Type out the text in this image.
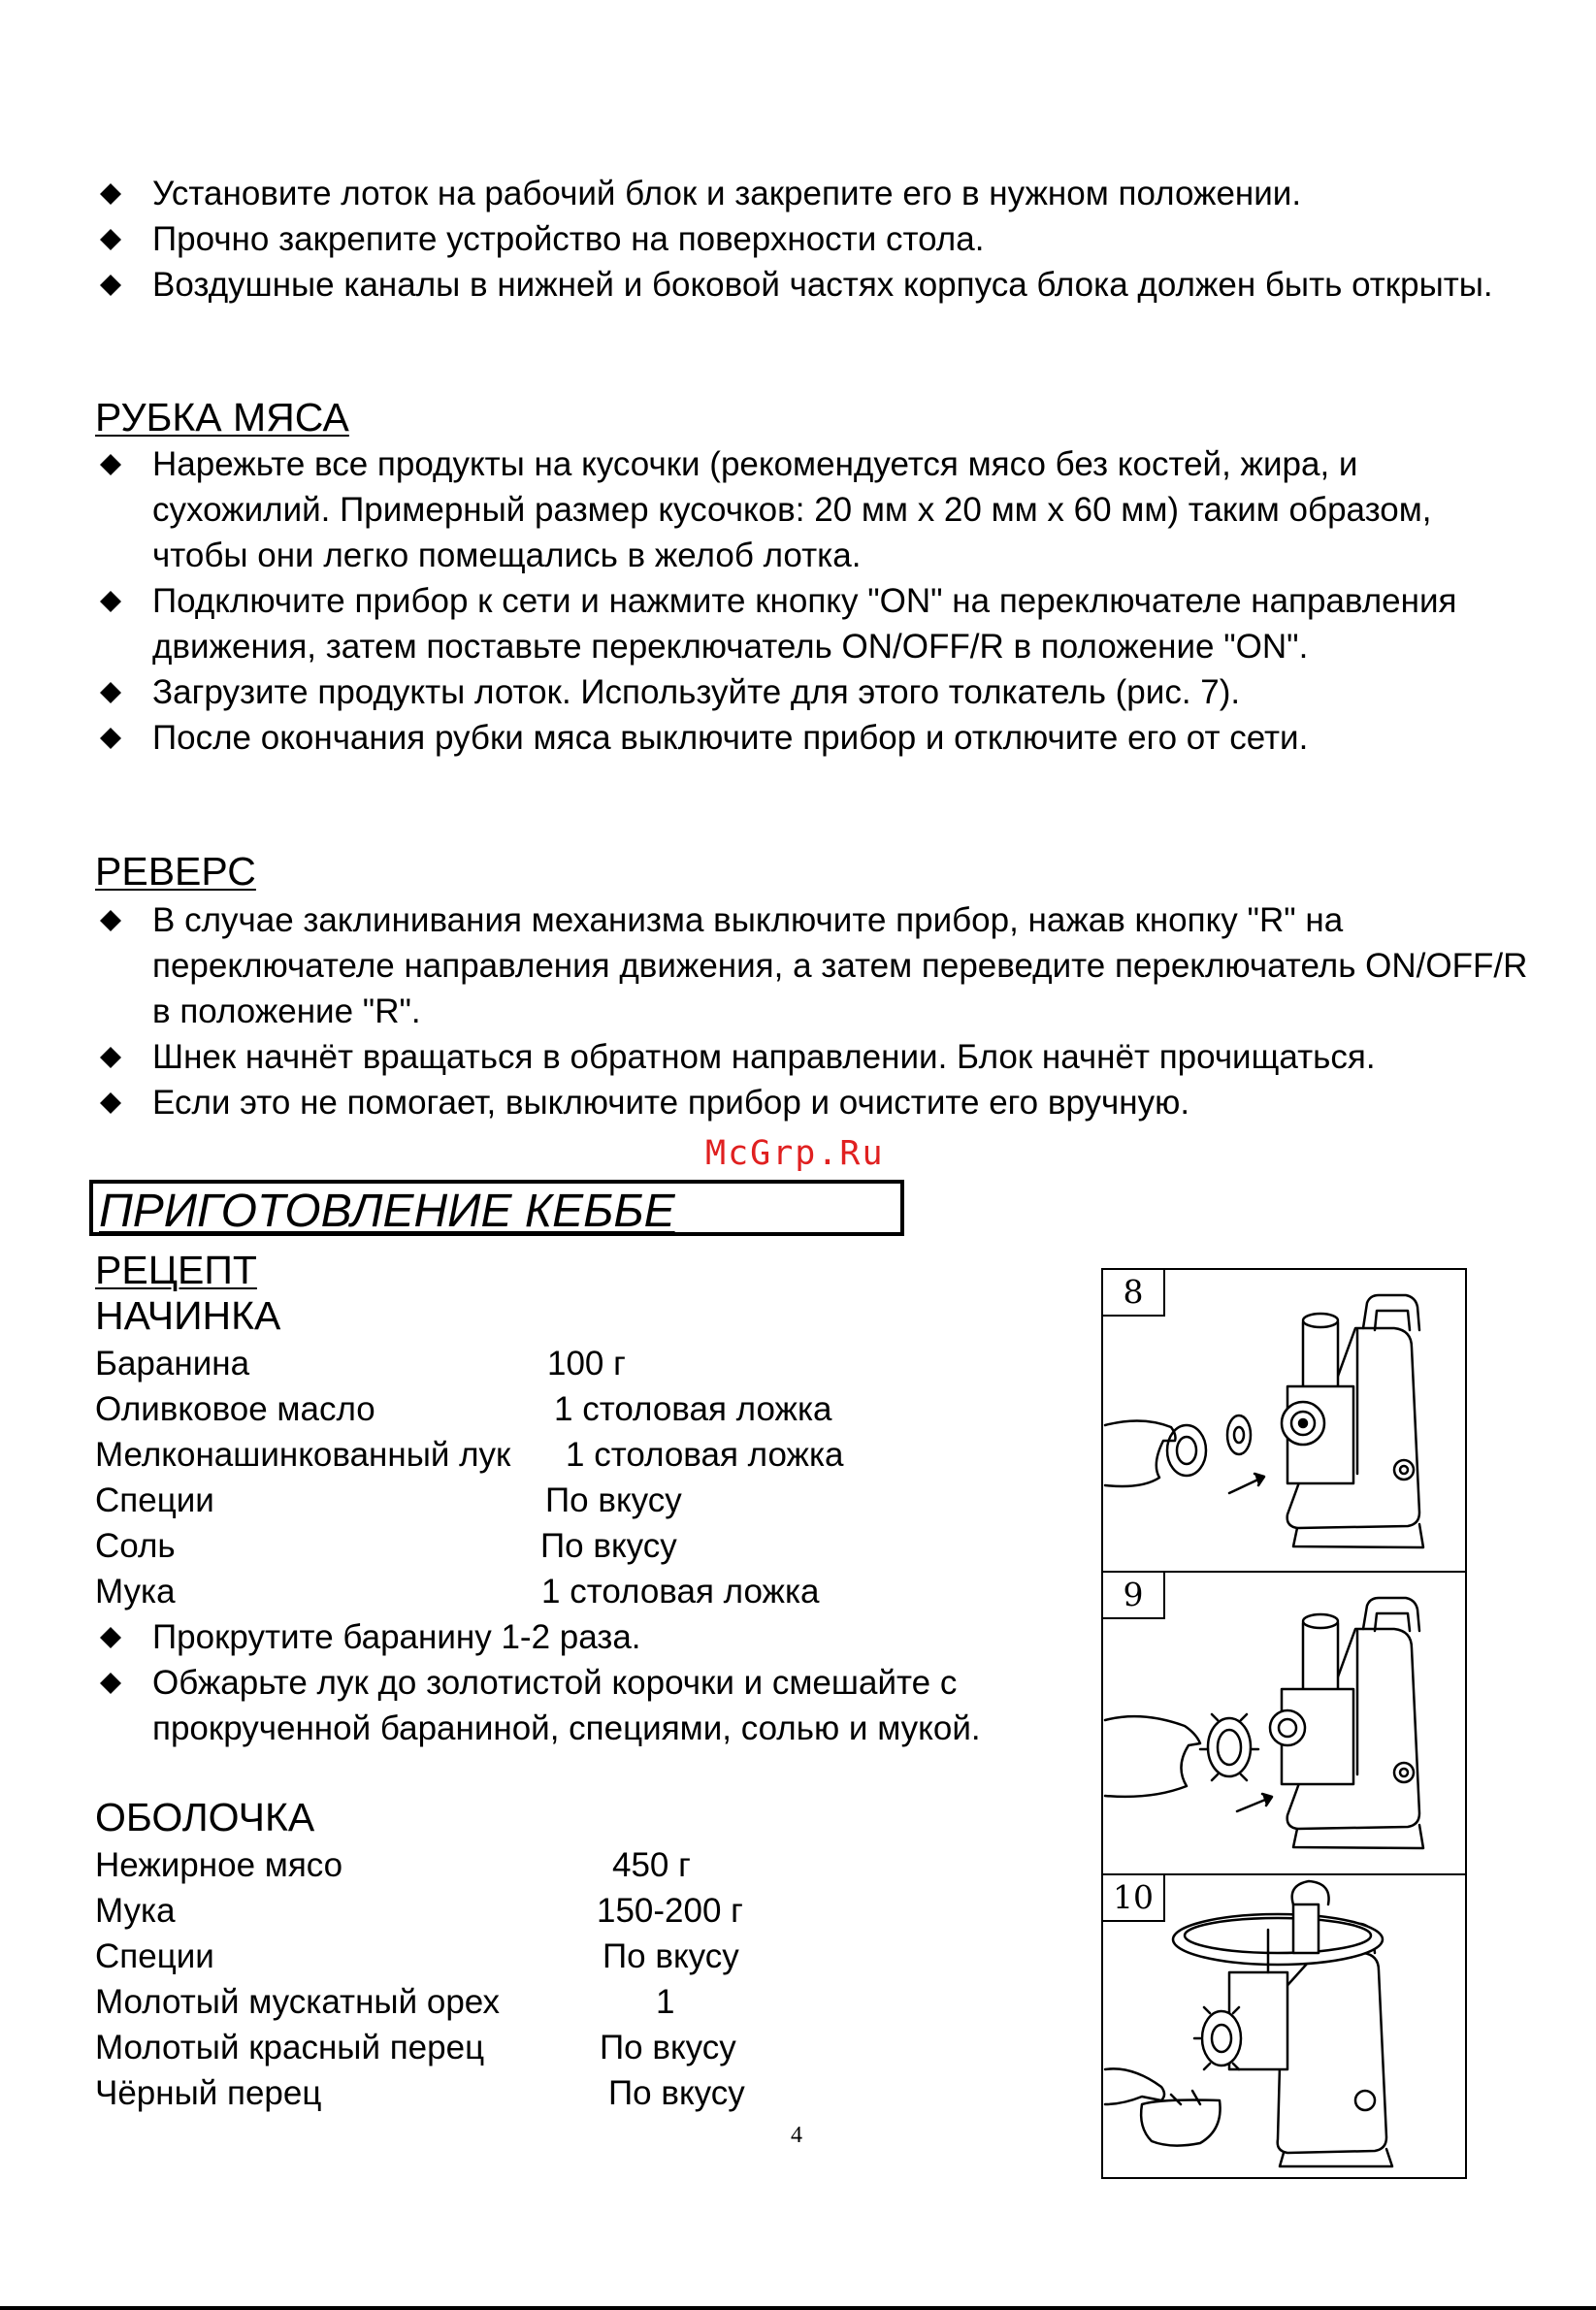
Установите лоток на рабочий блок и закрепите его в нужном положении.
Прочно закрепите устройство на поверхности стола.
Воздушные каналы в нижней и боковой частях корпуса блока должен быть открыты.
РУБКА МЯСА
Нарежьте все продукты на кусочки (рекомендуется мясо без костей, жира, и сухожилий. Примерный размер кусочков: 20 мм x 20 мм x 60 мм) таким образом, чтобы они легко помещались в желоб лотка.
Подключите прибор к сети и нажмите кнопку "ON" на переключателе направления движения, затем поставьте переключатель ON/OFF/R в положение "ON".
Загрузите продукты лоток. Используйте для этого толкатель (рис. 7).
После окончания рубки мяса выключите прибор и отключите его от сети.
РЕВЕРС
В случае заклинивания механизма выключите прибор, нажав кнопку "R" на переключателе направления движения, а затем переведите переключатель ON/OFF/R в положение "R".
Шнек начнёт вращаться в обратном направлении. Блок начнёт прочищаться.
Если это не помогает, выключите прибор и очистите его вручную.
McGrp.Ru
ПРИГОТОВЛЕНИЕ КЕББЕ
РЕЦЕПТ
НАЧИНКА
Баранина	100 г
Оливковое масло	1 столовая ложка
Мелконашинкованный лук 1 столовая ложка
Специи	По вкусу
Соль	По вкусу
Мука	1 столовая ложка
Прокрутите баранину 1-2 раза.
Обжарьте лук до золотистой корочки и смешайте с прокрученной бараниной, специями, солью и мукой.
ОБОЛОЧКА
Нежирное мясо	450 г
Мука	150-200 г
Специи	По вкусу
Молотый мускатный орех	1
Молотый красный перец	По вкусу
Чёрный перец	По вкусу
8
9
10
4
